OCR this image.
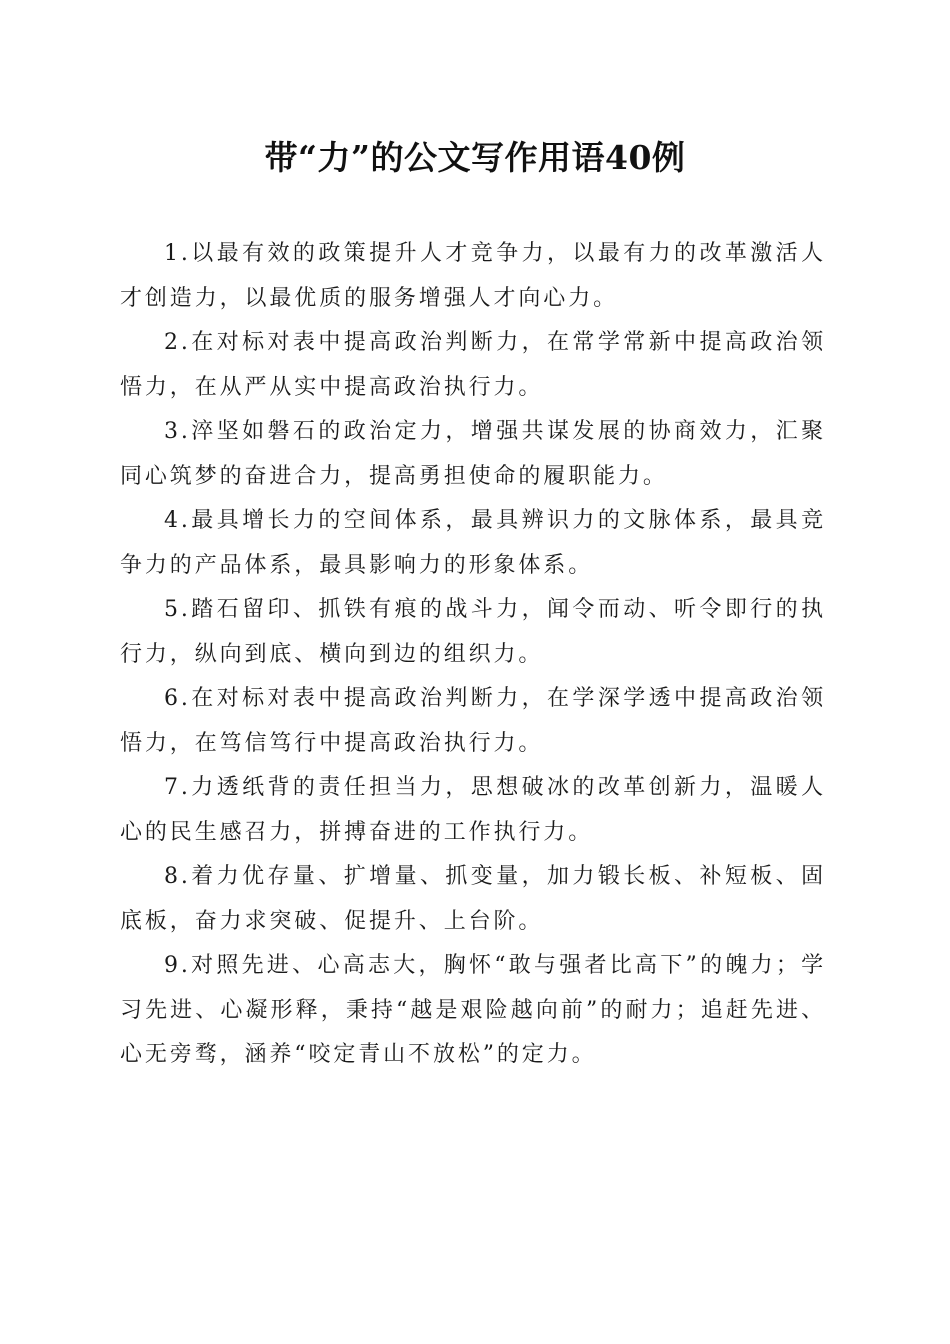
带“力”的公文写作用语40例

1.以最有效的政策提升人才竞争力，以最有力的改革激活人才创造力，以最优质的服务增强人才向心力。

2.在对标对表中提高政治判断力，在常学常新中提高政治领悟力，在从严从实中提高政治执行力。

3.淬坚如磐石的政治定力，增强共谋发展的协商效力，汇聚同心筑梦的奋进合力，提高勇担使命的履职能力。

4.最具增长力的空间体系，最具辨识力的文脉体系，最具竞争力的产品体系，最具影响力的形象体系。

5.踏石留印、抓铁有痕的战斗力，闻令而动、听令即行的执行力，纵向到底、横向到边的组织力。

6.在对标对表中提高政治判断力，在学深学透中提高政治领悟力，在笃信笃行中提高政治执行力。

7.力透纸背的责任担当力，思想破冰的改革创新力，温暖人心的民生感召力，拼搏奋进的工作执行力。

8.着力优存量、扩增量、抓变量，加力锻长板、补短板、固底板，奋力求突破、促提升、上台阶。

9.对照先进、心高志大，胸怀“敢与强者比高下”的魄力；学习先进、心凝形释，秉持“越是艰险越向前”的耐力；追赶先进、心无旁骛，涵养“咬定青山不放松”的定力。
